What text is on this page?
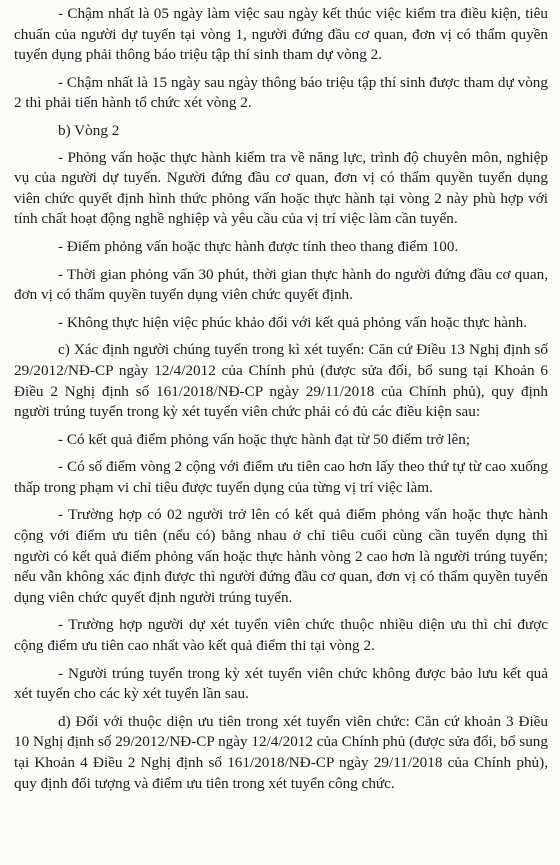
- Chậm nhất là 05 ngày làm việc sau ngày kết thúc việc kiểm tra điều kiện, tiêu chuẩn của người dự tuyển tại vòng 1, người đứng đầu cơ quan, đơn vị có thẩm quyền tuyển dụng phải thông báo triệu tập thí sinh tham dự vòng 2.

- Chậm nhất là 15 ngày sau ngày thông báo triệu tập thí sinh được tham dự vòng 2 thì phải tiến hành tổ chức xét vòng 2.

b) Vòng 2

- Phỏng vấn hoặc thực hành kiểm tra về năng lực, trình độ chuyên môn, nghiệp vụ của người dự tuyển. Người đứng đầu cơ quan, đơn vị có thẩm quyền tuyển dụng viên chức quyết định hình thức phỏng vấn hoặc thực hành tại vòng 2 này phù hợp với tính chất hoạt động nghề nghiệp và yêu cầu của vị trí việc làm cần tuyển.

- Điểm phỏng vấn hoặc thực hành được tính theo thang điểm 100.

- Thời gian phỏng vấn 30 phút, thời gian thực hành do người đứng đầu cơ quan, đơn vị có thẩm quyền tuyển dụng viên chức quyết định.

- Không thực hiện việc phúc khảo đối với kết quả phỏng vấn hoặc thực hành.

c) Xác định người chúng tuyển trong kì xét tuyển: Căn cứ Điều 13 Nghị định số 29/2012/NĐ-CP ngày 12/4/2012 của Chính phủ (được sửa đổi, bổ sung tại Khoản 6 Điều 2 Nghị định số 161/2018/NĐ-CP ngày 29/11/2018 của Chính phủ), quy định người trúng tuyển trong kỳ xét tuyển viên chức phải có đủ các điều kiện sau:

- Có kết quả điểm phỏng vấn hoặc thực hành đạt từ 50 điểm trở lên;

- Có số điểm vòng 2 cộng với điểm ưu tiên cao hơn lấy theo thứ tự từ cao xuống thấp trong phạm vi chỉ tiêu được tuyển dụng của từng vị trí việc làm.

- Trường hợp có 02 người trở lên có kết quả điểm phỏng vấn hoặc thực hành cộng với điểm ưu tiên (nếu có) bằng nhau ở chỉ tiêu cuối cùng cần tuyển dụng thì người có kết quả điểm phỏng vấn hoặc thực hành vòng 2 cao hơn là người trúng tuyển; nếu vẫn không xác định được thì người đứng đầu cơ quan, đơn vị có thẩm quyền tuyển dụng viên chức quyết định người trúng tuyển.

- Trường hợp người dự xét tuyển viên chức thuộc nhiều diện ưu thì chỉ được cộng điểm ưu tiên cao nhất vào kết quả điểm thi tại vòng 2.

- Người trúng tuyển trong kỳ xét tuyển viên chức không được bảo lưu kết quả xét tuyển cho các kỳ xét tuyển lần sau.

d) Đối với thuộc diện ưu tiên trong xét tuyển viên chức: Căn cứ khoản 3 Điều 10 Nghị định số 29/2012/NĐ-CP ngày 12/4/2012 của Chính phủ (được sửa đổi, bổ sung tại Khoản 4 Điều 2 Nghị định số 161/2018/NĐ-CP ngày 29/11/2018 của Chính phủ), quy định đối tượng và điểm ưu tiên trong xét tuyển công chức.
